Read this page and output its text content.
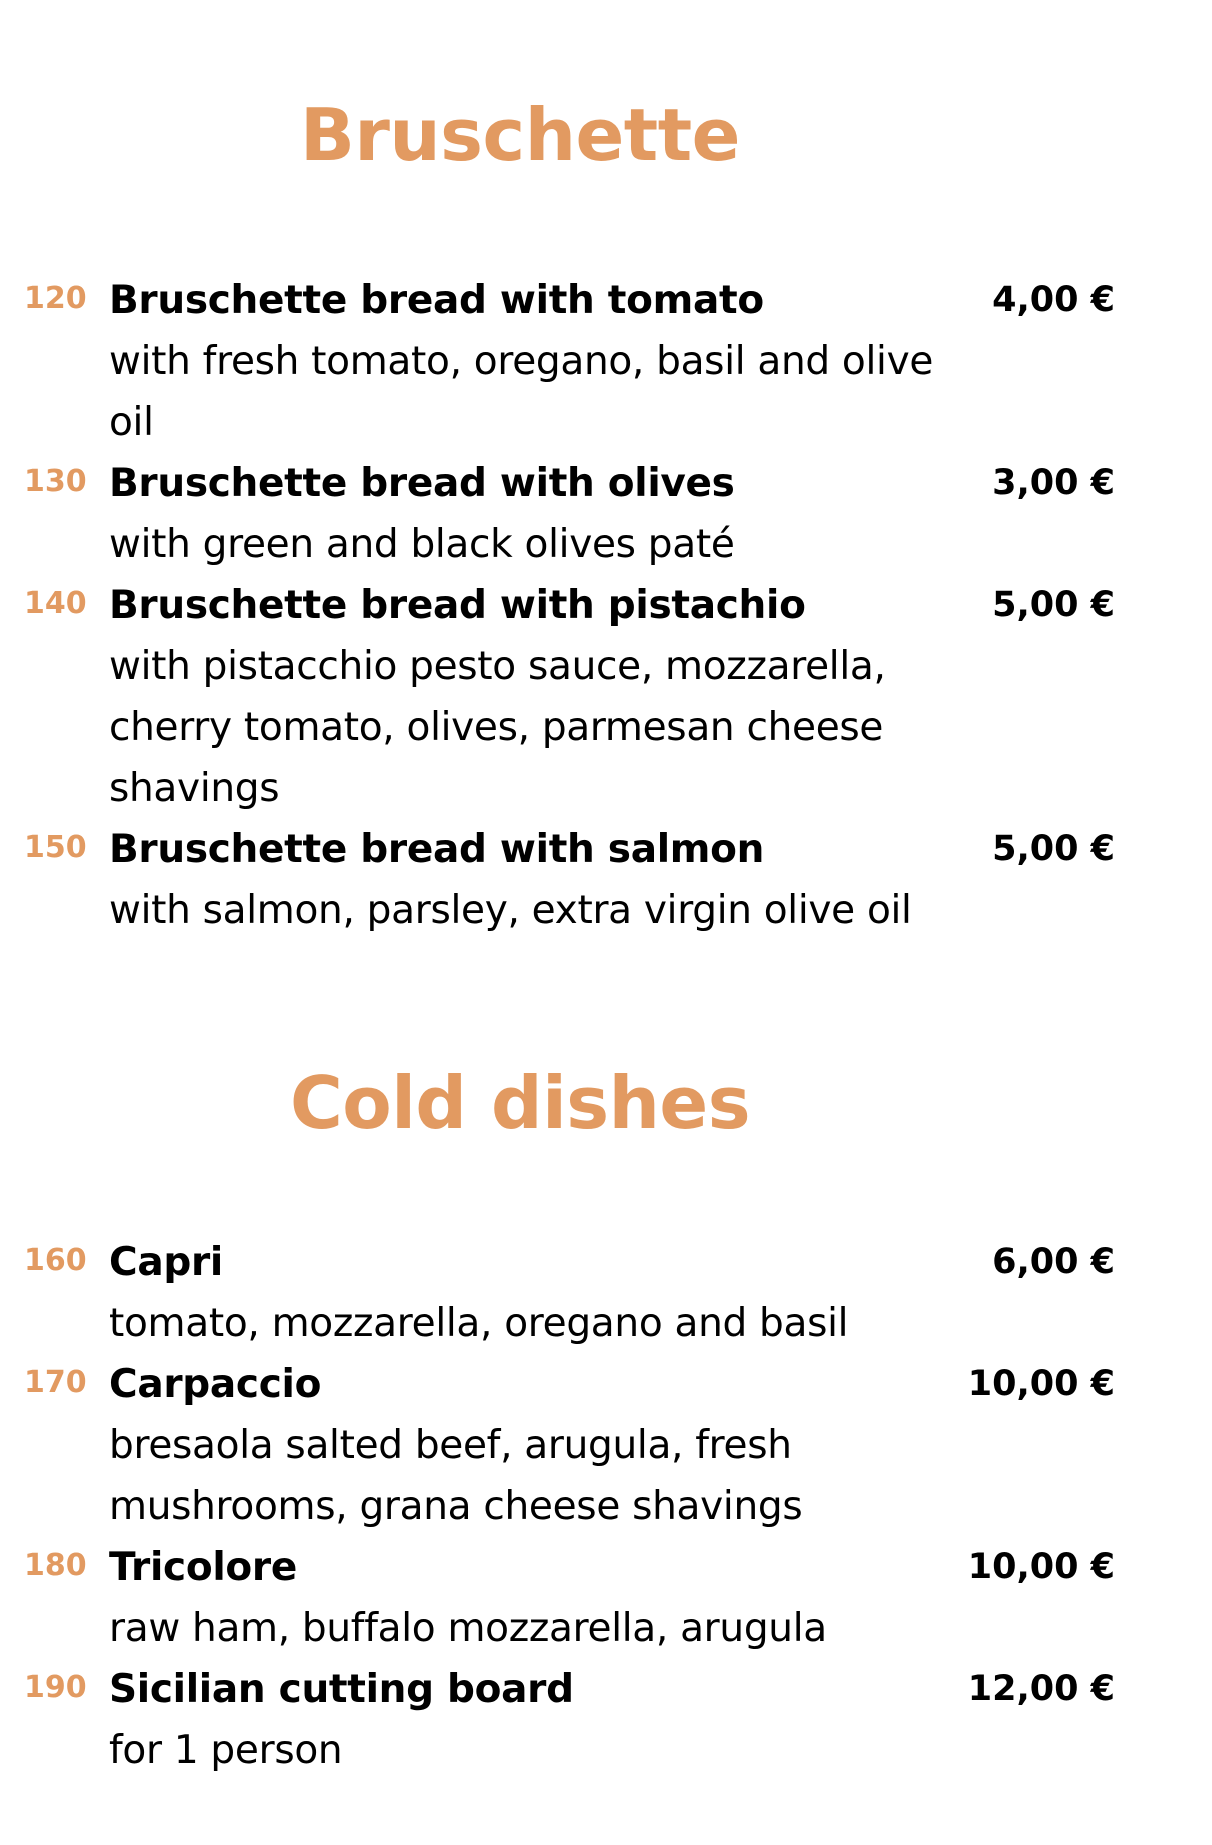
Bruschette
120 Bruschette bread with tomato	4,00 €
with fresh tomato, oregano, basil and olive oil
130 Bruschette bread with olives	3,00 €
with green and black olives paté
140 Bruschette bread with pistachio	5,00 €
with pistacchio pesto sauce, mozzarella, cherry tomato, olives, parmesan cheese shavings
150 Bruschette bread with salmon	5,00 €
with salmon, parsley, extra virgin olive oil
Cold dishes
160 Capri	6,00 €
tomato, mozzarella, oregano and basil
170 Carpaccio	10,00 €
bresaola salted beef, arugula, fresh mushrooms, grana cheese shavings
180 Tricolore	10,00 €
raw ham, buffalo mozzarella, arugula
190 Sicilian cutting board	12,00 €
for 1 person
